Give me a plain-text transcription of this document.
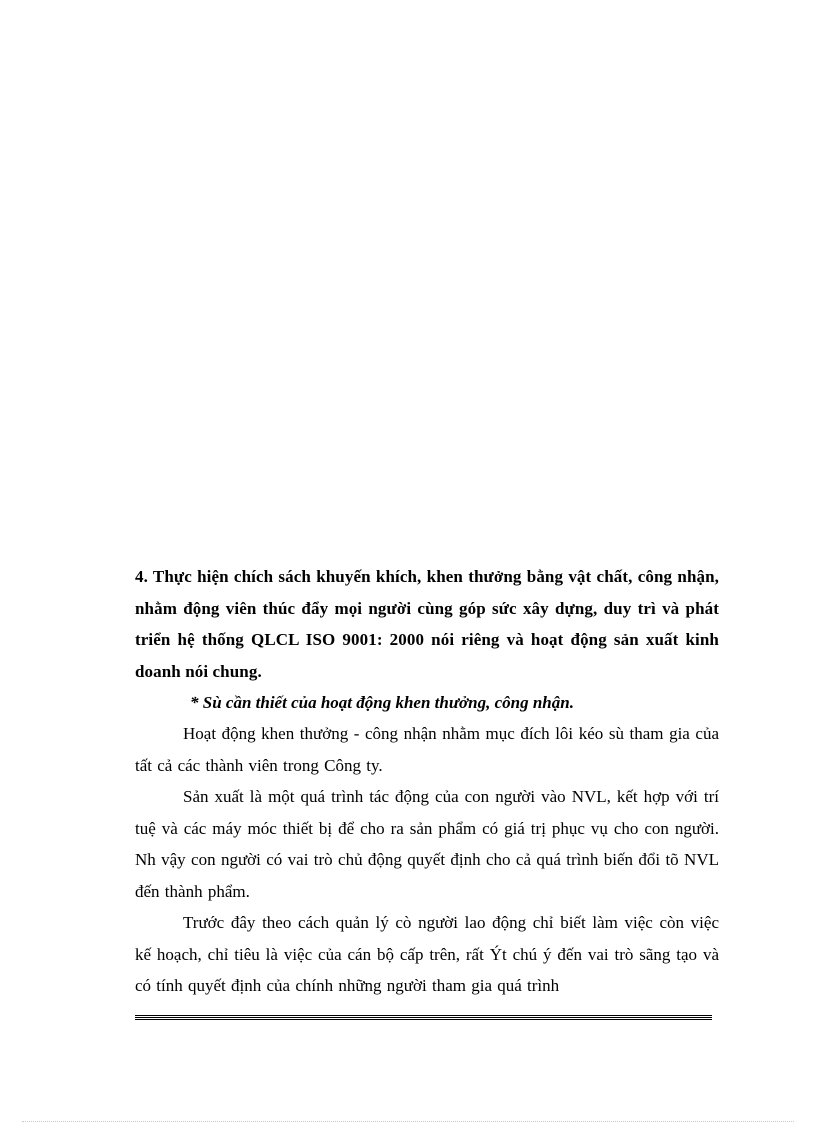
4. Thực hiện chích sách khuyến khích, khen thưởng bằng vật chất, công nhận, nhằm động viên thúc đẩy mọi người cùng góp sức xây dựng, duy trì và phát triển hệ thống QLCL ISO 9001: 2000 nói riêng và hoạt động sản xuất kinh doanh nói chung.

* Sù cần thiết của hoạt động khen thưởng, công nhận.

Hoạt động khen thưởng - công nhận nhằm mục đích lôi kéo sù tham gia của tất cả các thành viên trong Công ty.

Sản xuất là một quá trình tác động của con người vào NVL, kết hợp với trí tuệ và các máy móc thiết bị để cho ra sản phẩm có giá trị phục vụ cho con người. Nh vậy con người có vai trò chủ động quyết định cho cả quá trình biến đổi tõ NVL đến thành phẩm.

Trước đây theo cách quản lý cò người lao động chỉ biết làm việc còn việc kế hoạch, chỉ tiêu là việc của cán bộ cấp trên, rất Ýt chú ý đến vai trò sãng tạo và có tính quyết định của chính những người tham gia quá trình
